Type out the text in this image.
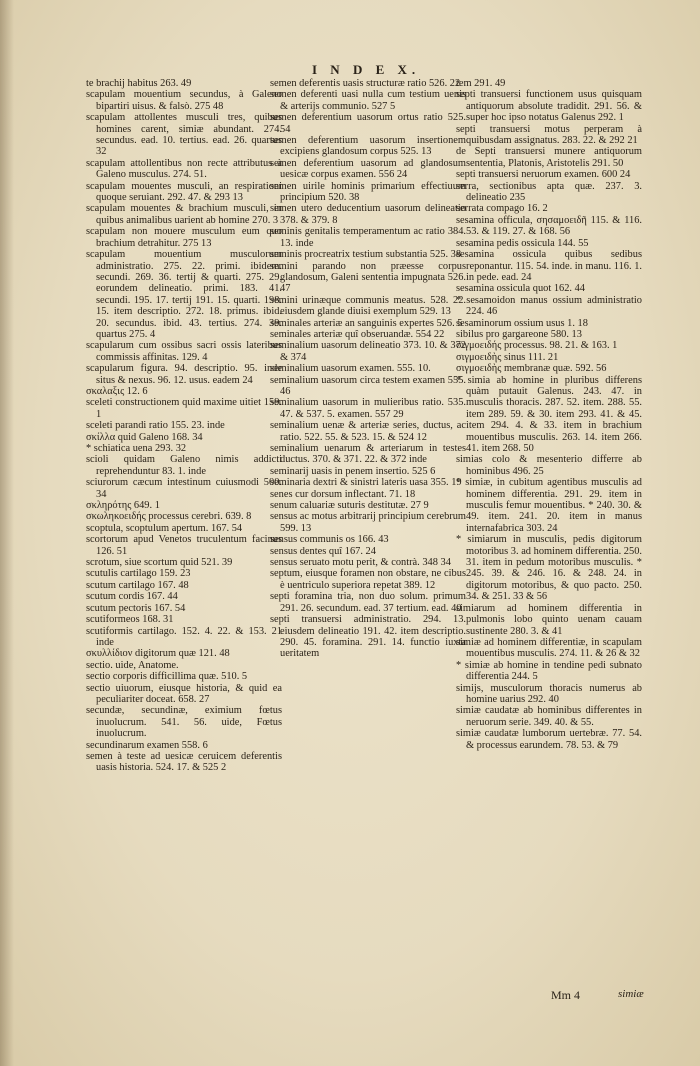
I N D E X.

te brachij habitus 263. 49

scapulam mouentium secundus, à Galeno bipartiri uisus. & falsò. 275 48

scapulam attollentes musculi tres, quibus homines carent, simiæ abundant. 274. secundus. ead. 10. tertius. ead. 26. quartus 32

scapulam attollentibus non recte attributus à Galeno musculus. 274. 51.

scapulam mouentes musculi, an respirationi quoque seruiant. 292. 47. & 293 13

scapulam mouentes & brachium musculi, in quibus animalibus uarient ab homine 270. 3

scapulam non mouere musculum eum quo brachium detrahitur. 275 13

scapulam mouentium musculorum administratio. 275. 22. primi. ibidem. secundi. 269. 36. tertij & quarti. 275. 29. eorundem delineatio. primi. 183. 41. secundi. 195. 17. tertij 191. 15. quarti. 198. 15. item descriptio. 272. 18. primus. ibid. 20. secundus. ibid. 43. tertius. 274. 39. quartus 275. 4

scapularum cum ossibus sacri ossis lateribus commissis affinitas. 129. 4

scapularum figura. 94. descriptio. 95. inde situs & nexus. 96. 12. usus. eadem 24

σκαλαξις 12. 6

sceleti constructionem quid maxime uitiet 159. 1

sceleti parandi ratio 155. 23. inde

σκίλλα quid Galeno 168. 34

* schiatica uena 293. 32

scioli quidam Galeno nimis addicti reprehenduntur 83. 1. inde

sciurorum cæcum intestinum cuiusmodi 500. 34

σκληρότης 649. 1

σκωληκοειδής processus cerebri. 639. 8

scoptula, scoptulum apertum. 167. 54

scortorum apud Venetos truculentum facinus 126. 51

scrotum, siue scortum quid 521. 39

scutulis cartilago 159. 23

scutum cartilago 167. 48

scutum cordis 167. 44

scutum pectoris 167. 54

scutiformeos 168. 31

scutiformis cartilago. 152. 4. 22. & 153. 21 inde

σκυλλίδιον digitorum quæ 121. 48

sectio. uide, Anatome.

sectio corporis difficillima quæ. 510. 5

sectio uiuorum, eiusque historia, & quid ea peculiariter doceat. 658. 27

secundæ, secundinæ, eximium fœtus inuolucrum. 541. 56. uide, Fœtus inuolucrum.

secundinarum examen 558. 6

semen à teste ad uesicæ ceruicem deferentis uasis historia. 524. 17. & 525 2

semen deferentis uasis structuræ ratio 526. 22

semen deferenti uasi nulla cum testium uenis & arterijs communio. 527 5

semen deferentium uasorum ortus ratio 525. 54

semen deferentium uasorum insertionem excipiens glandosum corpus 525. 13

semen deferentium uasorum ad glandosum uesicæ corpus examen. 556 24

semen uirile hominis primarium effectiuum principium 520. 38

semen utero deducentium uasorum delineatio 378. & 379. 8

seminis genitalis temperamentum ac ratio 384. 13. inde

seminis procreatrix testium substantia 525. 38

semini parando non præesse corpus glandosum, Galeni sententia impugnata 526. 47

semini urinæque communis meatus. 528. 22. eiusdem glande diuisi exemplum 529. 13

seminales arteriæ an sanguinis expertes 526. 5

seminales arteriæ quî obseruandæ. 554 22

seminalium uasorum delineatio 373. 10. & 372 & 374

seminalium uasorum examen. 555. 10.

seminalium uasorum circa testem examen 555. 46

seminalium uasorum in mulieribus ratio. 535. 47. & 537. 5. examen. 557 29

seminalium uenæ & arteriæ series, ductus, ac ratio. 522. 55. & 523. 15. & 524 12

seminalium uenarum & arteriarum in testes ductus. 370. & 371. 22. & 372 inde

seminarij uasis in penem insertio. 525 6

seminaria dextri & sinistri lateris uasa 355. 19

senes cur dorsum inflectant. 71. 18

senum caluariæ suturis destitutæ. 27 9

sensus ac motus arbitrarij principium cerebrum 599. 13

sensus communis os 166. 43

sensus dentes quî 167. 24

sensus seruato motu perit, & contrà. 348 34

septum, eiusque foramen non obstare, ne cibus è uentriculo superiora repetat 389. 12

septi foramina tria, non duo solum. primum 291. 26. secundum. ead. 37 tertium. ead. 40

septi transuersi administratio. 294. 13. eiusdem delineatio 191. 42. item descriptio. 290. 45. foramina. 291. 14. functio iuxta ueritatem

tem 291. 49

septi transuersi functionem usus quisquam antiquorum absolute tradidit. 291. 56. & super hoc ipso notatus Galenus 292. 1

septi transuersi motus perperam à quibusdam assignatus. 283. 22. & 292 21

de Septi transuersi munere antiquorum sententia, Platonis, Aristotelis 291. 50

septi transuersi neruorum examen. 600 24

serra, sectionibus apta quæ. 237. 3. delineatio 235

serrata compago 16. 2

sesamina officula, σησαμοειδῆ 115. & 116. 53. & 119. 27. & 168. 56

sesamina pedis ossicula 144. 55

sesamina ossicula quibus sedibus reponantur. 115. 54. inde. in manu. 116. 1. in pede. ead. 24

sesamina ossicula quot 162. 44

* sesamoidon manus ossium administratio 224. 46

sesaminorum ossium usus 1. 18

sibilus pro gargareone 580. 13

σιγμοειδής processus. 98. 21. & 163. 1

σιγμοειδὴς sinus 111. 21

σιγμοειδὴς membranæ quæ. 592. 56

* simia ab homine in pluribus differens quàm putauit Galenus. 243. 47. in musculis thoracis. 287. 52. item. 288. 55. item 289. 59. & 30. item 293. 41. & 45. item 294. 4. & 33. item in brachium mouentibus musculis. 263. 14. item 266. 41. item 268. 50

simias colo & mesenterio differre ab hominibus 496. 25

* simiæ, in cubitum agentibus musculis ad hominem differentia. 291. 29. item in musculis femur mouentibus. * 240. 30. & 49. item. 241. 20. item in manus internafabrica 303. 24

* simiarum in musculis, pedis digitorum motoribus 3. ad hominem differentia. 250. 31. item in pedum motoribus musculis. * 245. 39. & 246. 16. & 248. 24. in digitorum motoribus, & quo pacto. 250. 34. & 251. 33 & 56

simiarum ad hominem differentia in pulmonis lobo quinto uenam cauam sustinente 280. 3. & 41

simiæ ad hominem differentiæ, in scapulam mouentibus musculis. 274. 11. & 26 & 32

* simiæ ab homine in tendine pedi subnato differentia 244. 5

simijs, musculorum thoracis numerus ab homine uarius 292. 40

simiæ caudatæ ab hominibus differentes in neruorum serie. 349. 40. & 55.

simiæ caudatæ lumborum uertebræ. 77. 54. & processus earundem. 78. 53. & 79

Mm 4	simiæ
